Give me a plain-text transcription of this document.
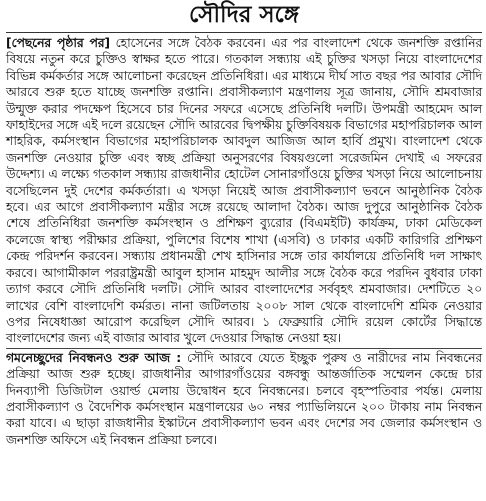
সৌদির সঙ্গে

[পেছনের পৃষ্ঠার পর] হোসেনের সঙ্গে বৈঠক করবেন। এর পর বাংলাদেশ থেকে জনশক্তি রপ্তানির বিষয়ে নতুন করে চুক্তিও স্বাক্ষর হতে পারে। গতকাল সন্ধ্যায় এই চুক্তির খসড়া নিয়ে বাংলাদেশের বিভিন্ন কর্মকর্তার সঙ্গে আলোচনা করেছেন প্রতিনিধিরা। এর মাধ্যমে দীর্ঘ সাত বছর পর আবার সৌদি আরবে শুরু হতে যাচ্ছে জনশক্তি রপ্তানি। প্রবাসীকল্যাণ মন্ত্রণালয় সূত্র জানায়, সৌদি শ্রমবাজার উন্মুক্ত করার পদক্ষেপ হিসেবে চার দিনের সফরে এসেছে প্রতিনিধি দলটি। উপমন্ত্রী আহমেদ আল ফাহাইদের সঙ্গে এই দলে রয়েছেন সৌদি আরবের দ্বিপক্ষীয় চুক্তিবিষয়ক বিভাগের মহাপরিচালক আল শাহরিক, কর্মসংস্থান বিভাগের মহাপরিচালক আবদুল আজিজ আল হার্বি প্রমুখ। বাংলাদেশ থেকে জনশক্তি নেওয়ার চুক্তি এবং স্বচ্ছ প্রক্রিয়া অনুসরণের বিষয়গুলো সরেজমিন দেখাই এ সফরের উদ্দেশ্য। এ লক্ষ্যে গতকাল সন্ধ্যায় রাজধানীর হোটেল সোনারগাঁওয়ে চুক্তির খসড়া নিয়ে আলোচনায় বসেছিলেন দুই দেশের কর্মকর্তারা। এ খসড়া নিয়েই আজ প্রবাসীকল্যাণ ভবনে আনুষ্ঠানিক বৈঠক হবে। এর আগে প্রবাসীকল্যাণ মন্ত্রীর সঙ্গে রয়েছে আলাদা বৈঠক। আজ দুপুরে আনুষ্ঠানিক বৈঠক শেষে প্রতিনিধিরা জনশক্তি কর্মসংস্থান ও প্রশিক্ষণ ব্যুরোর (বিএমইটি) কার্যক্রম, ঢাকা মেডিকেল কলেজে স্বাস্থ্য পরীক্ষার প্রক্রিয়া, পুলিশের বিশেষ শাখা (এসবি) ও ঢাকার একটি কারিগরি প্রশিক্ষণ কেন্দ্র পরিদর্শন করবেন। সন্ধ্যায় প্রধানমন্ত্রী শেখ হাসিনার সঙ্গে তার কার্যালয়ে প্রতিনিধি দল সাক্ষাৎ করবে। আগামীকাল পররাষ্ট্রমন্ত্রী আবুল হাসান মাহমুদ আলীর সঙ্গে বৈঠক করে পরদিন বুধবার ঢাকা ত্যাগ করবে সৌদি প্রতিনিধি দলটি। সৌদি আরব বাংলাদেশের সর্ববৃহৎ শ্রমবাজার। দেশটিতে ২০ লাখের বেশি বাংলাদেশি কর্মরত। নানা জটিলতায় ২০০৮ সাল থেকে বাংলাদেশি শ্রমিক নেওয়ার ওপর নিষেধাজ্ঞা আরোপ করেছিল সৌদি আরব। ১ ফেব্রুয়ারি সৌদি রয়েল কোর্টের সিদ্ধান্তে বাংলাদেশের জন্য এই বাজার আবার খুলে দেওয়ার সিদ্ধান্ত নেওয়া হয়।

গমনেচ্ছুদের নিবন্ধনও শুরু আজ : সৌদি আরবে যেতে ইচ্ছুক পুরুষ ও নারীদের নাম নিবন্ধনের প্রক্রিয়া আজ শুরু হচ্ছে। রাজধানীর আগারগাঁওয়ের বঙ্গবন্ধু আন্তর্জাতিক সম্মেলন কেন্দ্রে চার দিনব্যাপী ডিজিটাল ওয়ার্ল্ড মেলায় উদ্বোধন হবে নিবন্ধনের। চলবে বৃহস্পতিবার পর্যন্ত। মেলায় প্রবাসীকল্যাণ ও বৈদেশিক কর্মসংস্থান মন্ত্রণালয়ের ৬০ নম্বর প্যাভিলিয়নে ২০০ টাকায় নাম নিবন্ধন করা যাবে। এ ছাড়া রাজধানীর ইস্কাটনে প্রবাসীকল্যাণ ভবন এবং দেশের সব জেলার কর্মসংস্থান ও জনশক্তি অফিসে এই নিবন্ধন প্রক্রিয়া চলবে।
